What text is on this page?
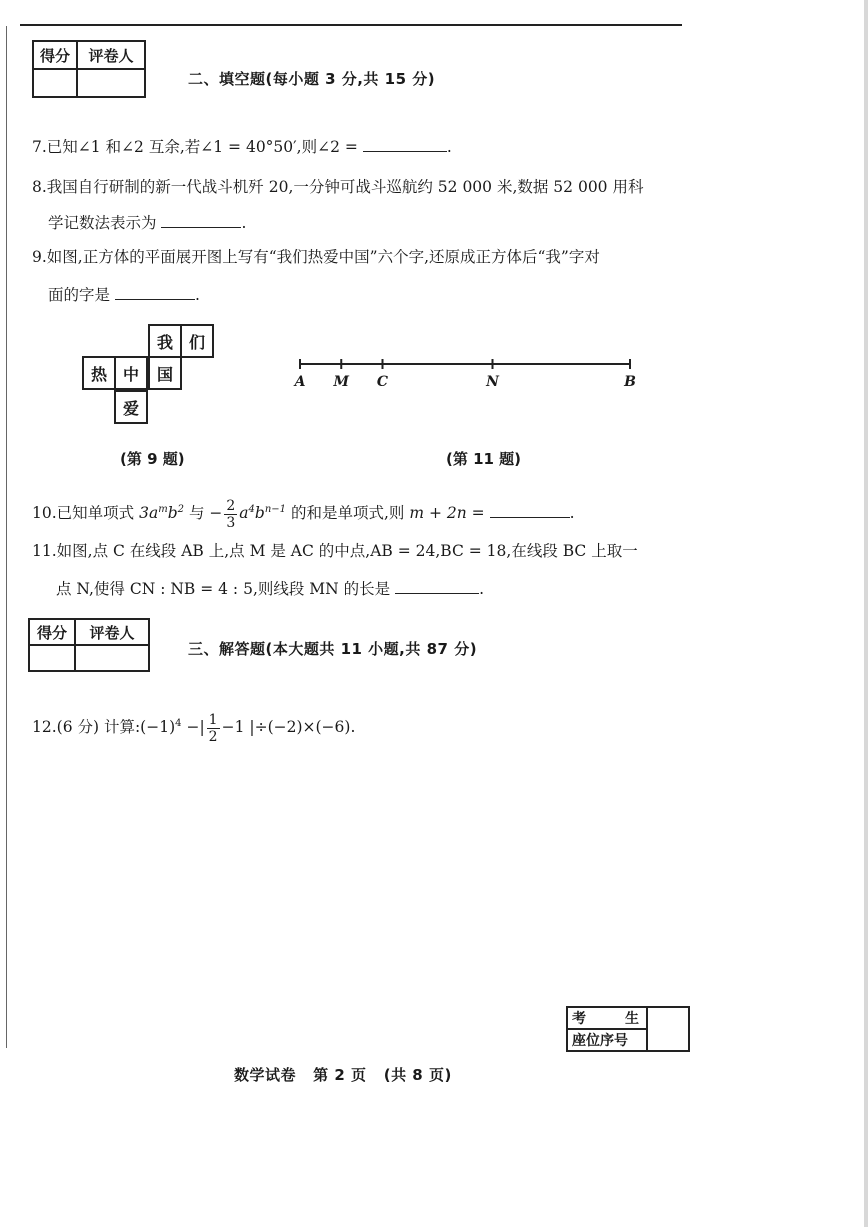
得分	评卷人

二、填空题(每小题 3 分,共 15 分)
7.已知∠1 和∠2 互余,若∠1 = 40°50′,则∠2 =	.
8.我国自行研制的新一代战斗机歼 20,一分钟可战斗巡航约 52 000 米,数据 52 000 用科
学记数法表示为	.
9.如图,正方体的平面展开图上写有“我们热爱中国”六个字,还原成正方体后“我”字对
面的字是	.
我 们
热 中	国
爱
(第 9 题)
A M C	N	B
(第 11 题)
10.已知单项式 $3a^mb^2$ 与 − $\frac{2}{3} a^4b^{n-1}$ 的和是单项式,则 m + 2n =	.
11.如图,点 C 在线段 AB 上,点 M 是 AC 的中点,AB = 24,BC = 18,在线段 BC 上取一
点 N,使得 CN : NB = 4 : 5,则线段 MN 的长是	.
得分	评卷人

三、解答题(本大题共 11 小题,共 87 分)
12.(6 分) 计算$:(-1)^4$ −| $\frac{1}{2} -1$ |÷(−2)×(−6).
考        生	
座位序号
数学试卷   第 2 页   (共 8 页)
